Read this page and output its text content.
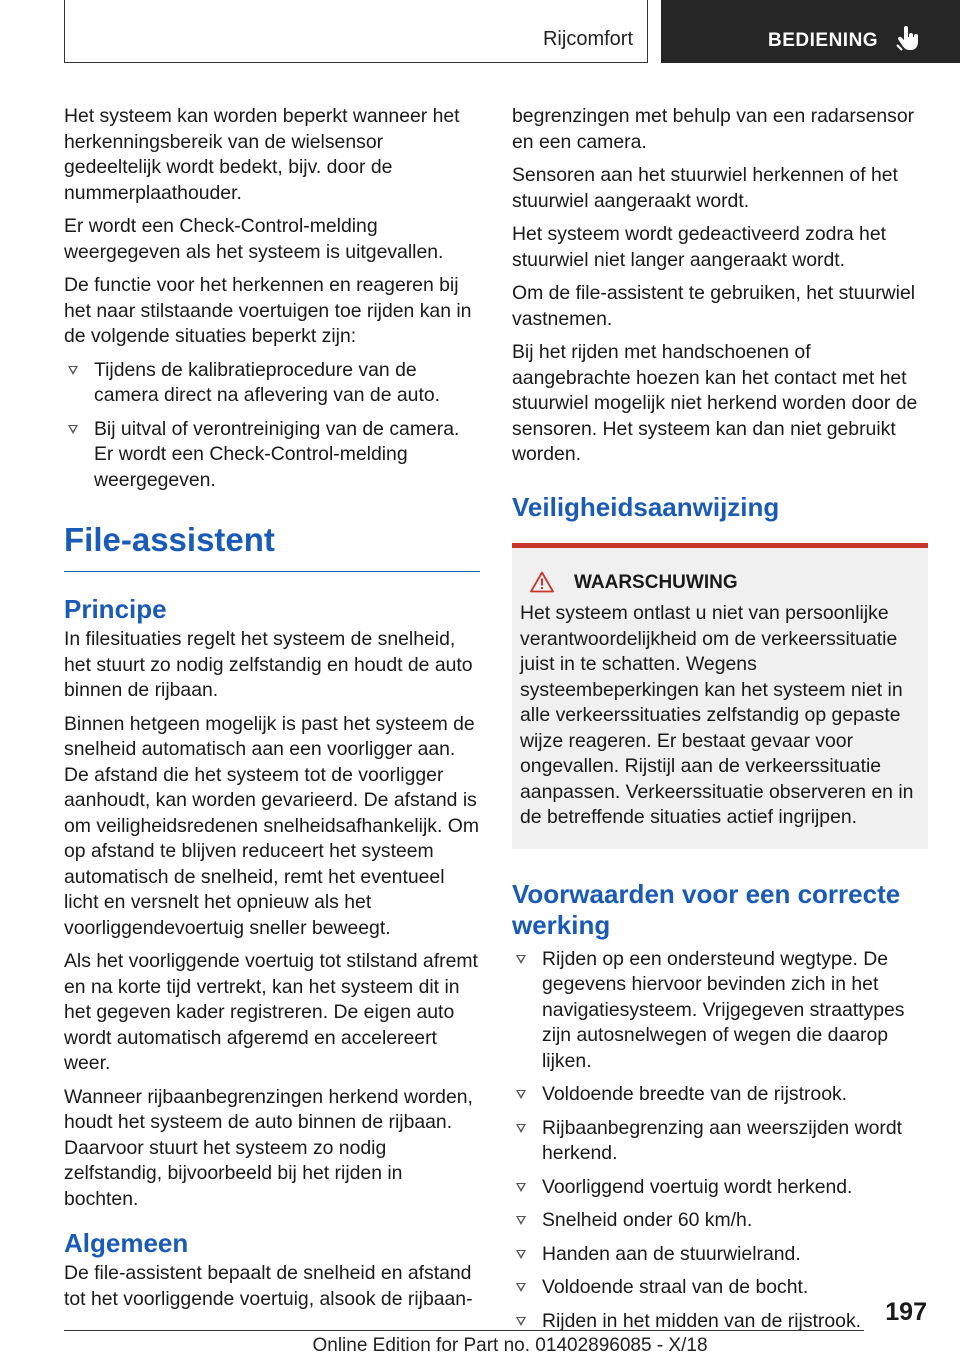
Rijcomfort	BEDIENING

Het systeem kan worden beperkt wanneer het herkenningsbereik van de wielsensor gedeeltelijk wordt bedekt, bijv. door de nummerplaathouder.

Er wordt een Check-Control-melding weergegeven als het systeem is uitgevallen.

De functie voor het herkennen en reageren bij het naar stilstaande voertuigen toe rijden kan in de volgende situaties beperkt zijn:

Tijdens de kalibratieprocedure van de camera direct na aflevering van de auto.
Bij uitval of verontreiniging van de camera. Er wordt een Check-Control-melding weergegeven.
File-assistent
Principe

In filesituaties regelt het systeem de snelheid, het stuurt zo nodig zelfstandig en houdt de auto binnen de rijbaan.

Binnen hetgeen mogelijk is past het systeem de snelheid automatisch aan een voorligger aan. De afstand die het systeem tot de voorligger aanhoudt, kan worden gevarieerd. De afstand is om veiligheidsredenen snelheidsafhankelijk. Om op afstand te blijven reduceert het systeem automatisch de snelheid, remt het eventueel licht en versnelt het opnieuw als het voorliggendevoertuig sneller beweegt.

Als het voorliggende voertuig tot stilstand afremt en na korte tijd vertrekt, kan het systeem dit in het gegeven kader registreren. De eigen auto wordt automatisch afgeremd en accelereert weer.

Wanneer rijbaanbegrenzingen herkend worden, houdt het systeem de auto binnen de rijbaan. Daarvoor stuurt het systeem zo nodig zelfstandig, bijvoorbeeld bij het rijden in bochten.

Algemeen

De file-assistent bepaalt de snelheid en afstand tot het voorliggende voertuig, alsook de rijbaan-

begrenzingen met behulp van een radarsensor en een camera.

Sensoren aan het stuurwiel herkennen of het stuurwiel aangeraakt wordt.

Het systeem wordt gedeactiveerd zodra het stuurwiel niet langer aangeraakt wordt.

Om de file-assistent te gebruiken, het stuurwiel vastnemen.

Bij het rijden met handschoenen of aangebrachte hoezen kan het contact met het stuurwiel mogelijk niet herkend worden door de sensoren. Het systeem kan dan niet gebruikt worden.

Veiligheidsaanwijzing
WAARSCHUWING

Het systeem ontlast u niet van persoonlijke verantwoordelijkheid om de verkeerssituatie juist in te schatten. Wegens systeembeperkingen kan het systeem niet in alle verkeerssituaties zelfstandig op gepaste wijze reageren. Er bestaat gevaar voor ongevallen. Rijstijl aan de verkeerssituatie aanpassen. Verkeerssituatie observeren en in de betreffende situaties actief ingrijpen.

Voorwaarden voor een correcte werking
Rijden op een ondersteund wegtype. De gegevens hiervoor bevinden zich in het navigatiesysteem. Vrijgegeven straattypes zijn autosnelwegen of wegen die daarop lijken.
Voldoende breedte van de rijstrook.
Rijbaanbegrenzing aan weerszijden wordt herkend.
Voorliggend voertuig wordt herkend.
Snelheid onder 60 km/h.
Handen aan de stuurwielrand.
Voldoende straal van de bocht.
Rijden in het midden van de rijstrook. 197
Online Edition for Part no. 01402896085 - X/18
